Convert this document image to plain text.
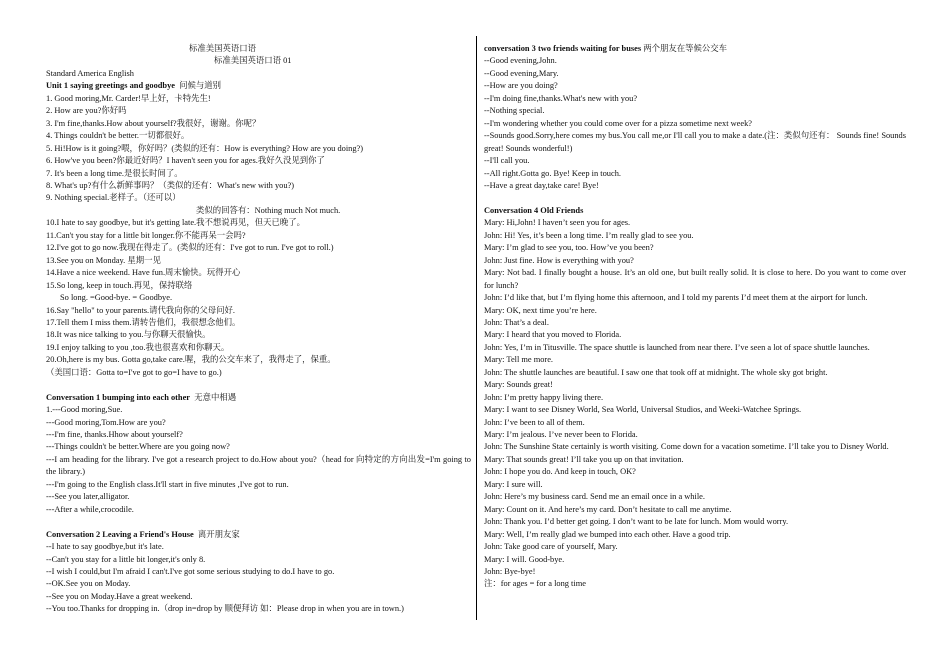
标准美国英语口语
标准美国英语口语 01
Standard America English
Unit 1 saying greetings and goodbye 问候与道别
1. Good moring,Mr. Carder!早上好，卡特先生!
2. How are you?你好吗
3. I'm fine,thanks.How about yourself?我很好，谢谢。你呢？
4. Things couldn't be better.一切都很好。
5. Hi!How is it going?喂，你好吗？(类似的还有：How is everything? How are you doing?)
6. How've you been?你最近好吗？I haven't seen you for ages.我好久没见到你了
7. It's been a long time.是很长时间了。
8. What's up?有什么新鲜事吗？（类似的还有：What's new with you?)
9. Nothing special.老样子。（还可以）
类似的回答有：Nothing much Not much.
10.I hate to say goodbye, but it's getting late.我不想说再见，但天已晚了。
11.Can't you stay for a little bit longer.你不能再呆一会吗?
12.I've got to go now.我现在得走了。(类似的还有：I've got to run. I've got to roll.)
13.See you on Monday. 星期一见
14.Have a nice weekend. Have fun.周末愉快。玩得开心
15.So long, keep in touch.再见，保持联络
So long. =Good-bye. = Goodbye.
16.Say "hello" to your parents.请代我向你的父母问好.
17.Tell them I miss them.请转告他们，我很想念他们。
18.It was nice talking to you.与你聊天很愉快。
19.I enjoy talking to you ,too.我也很喜欢和你聊天。
20.Oh,here is my bus. Gotta go,take care.喔，我的公交车来了，我得走了，保重。
（美国口语：Gotta to=I've got to go=I have to go.)
Conversation 1 bumping into each other 无意中相遇
1.---Good moring,Sue.
---Good moring,Tom.How are you?
---I'm fine, thanks.Hhow about yourself?
---Things couldn't be better.Where are you going now?
---I am heading for the library. I've got a research project to do.How about you?（head for 向特定的方向出发=I'm going to the library.)
---I'm going to the English class.It'll start in five minutes ,I've got to run.
---See you later,alligator.
---After a while,crocodile.
Conversation 2 Leaving a Friend's House 离开朋友家
--I hate to say goodbye,but it's late.
--Can't you stay for a little bit longer,it's only 8.
--I wish I could,but I'm afraid I can't.I've got some serious studying to do.I have to go.
--OK.See you on Moday.
--See you on Moday.Have a great weekend.
--You too.Thanks for dropping in.（drop in=drop by 顺便拜访 如：Please drop in when you are in town.)
conversation 3 two friends waiting for buses 两个朋友在等候公交车
--Good evening,John.
--Good evening,Mary.
--How are you doing?
--I'm doing fine,thanks.What's new with you?
--Nothing special.
--I'm wondering whether you could come over for a pizza sometime next week?
--Sounds good.Sorry,here comes my bus.You call me,or I'll call you to make a date.(注：类似句还有： Sounds fine! Sounds great! Sounds wonderful!)
--I'll call you.
--All right.Gotta go. Bye! Keep in touch.
--Have a great day,take care! Bye!
Conversation 4 Old Friends
Mary: Hi,John! I haven’t seen you for ages.
John: Hi! Yes, it’s been a long time. I’m really glad to see you.
Mary: I’m glad to see you, too. How’ve you been?
John: Just fine. How is everything with you?
Mary: Not bad. I finally bought a house. It’s an old one, but built really solid. It is close to here. Do you want to come over for lunch?
John: I’d like that, but I’m flying home this afternoon, and I told my parents I’d meet them at the airport for lunch.
Mary: OK, next time you’re here.
John: That’s a deal.
Mary: I heard that you moved to Florida.
John: Yes, I’m in Titusville. The space shuttle is launched from near there. I’ve seen a lot of space shuttle launches.
Mary: Tell me more.
John: The shuttle launches are beautiful. I saw one that took off at midnight. The whole sky got bright.
Mary: Sounds great!
John: I’m pretty happy living there.
Mary: I want to see Disney World, Sea World, Universal Studios, and Weeki-Watchee Springs.
John: I’ve been to all of them.
Mary: I’m jealous. I’ve never been to Florida.
John: The Sunshine State certainly is worth visiting. Come down for a vacation sometime. I’ll take you to Disney World.
Mary: That sounds great! I’ll take you up on that invitation.
John: I hope you do. And keep in touch, OK?
Mary: I sure will.
John: Here’s my business card. Send me an email once in a while.
Mary: Count on it. And here’s my card. Don’t hesitate to call me anytime.
John: Thank you. I’d better get going. I don’t want to be late for lunch. Mom would worry.
Mary: Well, I’m really glad we bumped into each other. Have a good trip.
John: Take good care of yourself, Mary.
Mary: I will. Good-bye.
John: Bye-bye!
注：for ages = for a long time
